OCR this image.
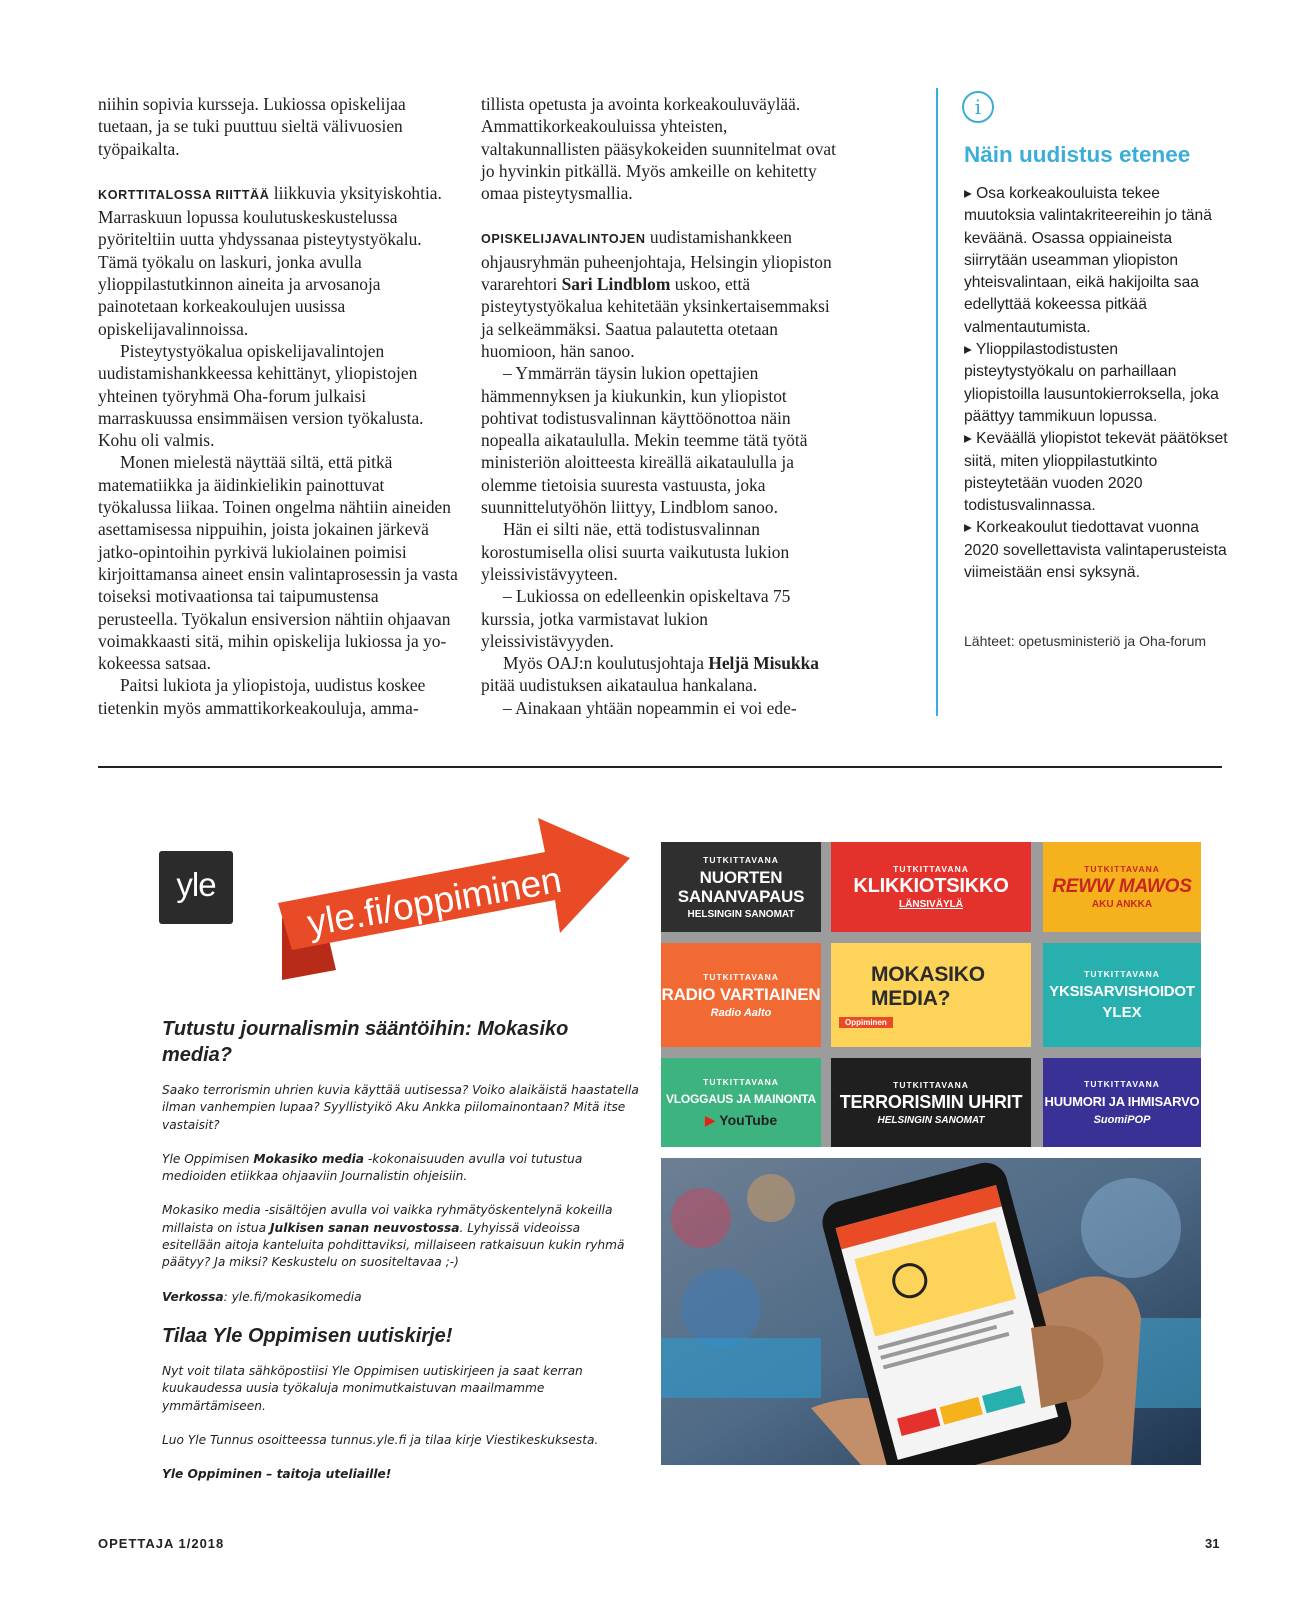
niihin sopivia kursseja. Lukiossa opiskelijaa tuetaan, ja se tuki puuttuu sieltä välivuosien työpaikalta.

KORTTITALOSSA RIITTÄÄ liikkuvia yksityiskohtia. Marraskuun lopussa koulutuskeskustelussa pyöriteltiin uutta yhdyssanaa pisteytystyökalu. Tämä työkalu on laskuri, jonka avulla ylioppilastutkinnon aineita ja arvosanoja painotetaan korkeakoulujen uusissa opiskelijavalinnoissa.

Pisteytystyökalua opiskelijavalintojen uudistamishankkeessa kehittänyt, yliopistojen yhteinen työryhmä Oha-forum julkaisi marraskuussa ensimmäisen version työkalusta. Kohu oli valmis.

Monen mielestä näyttää siltä, että pitkä matematiikka ja äidinkielikin painottuvat työkalussa liikaa. Toinen ongelma nähtiin aineiden asettamisessa nippuihin, joista jokainen järkevä jatko-opintoihin pyrkivä lukiolainen poimisi kirjoittamansa aineet ensin valintaprosessin ja vasta toiseksi motivaationsa tai taipumustensa perusteella. Työkalun ensiversion nähtiin ohjaavan voimakkaasti sitä, mihin opiskelija lukiossa ja yo-kokeessa satsaa.

Paitsi lukiota ja yliopistoja, uudistus koskee tietenkin myös ammattikorkeakouluja, amma-

tillista opetusta ja avointa korkeakouluväylää. Ammattikorkeakouluissa yhteisten, valtakunnallisten pääsykokeiden suunnitelmat ovat jo hyvinkin pitkällä. Myös amkeille on kehitetty omaa pisteytysmallia.

OPISKELIJAVALINTOJEN uudistamishankkeen ohjausryhmän puheenjohtaja, Helsingin yliopiston vararehtori Sari Lindblom uskoo, että pisteytystyökalua kehitetään yksinkertaisemmaksi ja selkeämmäksi. Saatua palautetta otetaan huomioon, hän sanoo.

– Ymmärrän täysin lukion opettajien hämmennyksen ja kiukunkin, kun yliopistot pohtivat todistusvalinnan käyttöönottoa näin nopealla aikataululla. Mekin teemme tätä työtä ministeriön aloitteesta kireällä aikataululla ja olemme tietoisia suuresta vastuusta, joka suunnittelutyöhön liittyy, Lindblom sanoo.

Hän ei silti näe, että todistusvalinnan korostumisella olisi suurta vaikutusta lukion yleissivistävyyteen.

– Lukiossa on edelleenkin opiskeltava 75 kurssia, jotka varmistavat lukion yleissivistävyyden.

Myös OAJ:n koulutusjohtaja Heljä Misukka pitää uudistuksen aikataulua hankalana.

– Ainakaan yhtään nopeammin ei voi ede-

i
Näin uudistus etenee

▸ Osa korkeakouluista tekee muutoksia valintakriteereihin jo tänä keväänä. Osassa oppiaineista siirrytään useamman yliopiston yhteisvalintaan, eikä hakijoilta saa edellyttää kokeessa pitkää valmentautumista.

▸ Ylioppilastodistusten pisteytystyökalu on parhaillaan yliopistoilla lausuntokierroksella, joka päättyy tammikuun lopussa.

▸ Keväällä yliopistot tekevät päätökset siitä, miten ylioppilastutkinto pisteytetään vuoden 2020 todistusvalinnassa.

▸ Korkeakoulut tiedottavat vuonna 2020 sovellettavista valintaperusteista viimeistään ensi syksynä.

Lähteet: opetusministeriö ja Oha-forum
yle	yle.fi/oppiminen
Tutustu journalismin sääntöihin: Mokasiko media?

Saako terrorismin uhrien kuvia käyttää uutisessa? Voiko alaikäistä haastatella ilman vanhempien lupaa? Syyllistyikö Aku Ankka piilomainontaan? Mitä itse vastaisit?

Yle Oppimisen Mokasiko media -kokonaisuuden avulla voi tutustua medioiden etiikkaa ohjaaviin Journalistin ohjeisiin.

Mokasiko media -sisältöjen avulla voi vaikka ryhmätyöskentelynä kokeilla millaista on istua Julkisen sanan neuvostossa. Lyhyissä videoissa esitellään aitoja kanteluita pohdittaviksi, millaiseen ratkaisuun kukin ryhmä päätyy? Ja miksi? Keskustelu on suositeltavaa ;-)

Verkossa: yle.fi/mokasikomedia

Tilaa Yle Oppimisen uutiskirje!

Nyt voit tilata sähköpostiisi Yle Oppimisen uutiskirjeen ja saat kerran kuukaudessa uusia työkaluja monimutkaistuvan maailmamme ymmärtämiseen.

Luo Yle Tunnus osoitteessa tunnus.yle.fi ja tilaa kirje Viestikeskuksesta.

Yle Oppiminen – taitoja uteliaille!

TUTKITTAVANA
NUORTEN SANANVAPAUS
HELSINGIN SANOMAT
TUTKITTAVANA
KLIKKIOTSIKKO
LÄNSIVÄYLÄ
TUTKITTAVANA
REWW MAWOS
AKU ANKKA
TUTKITTAVANA
RADIO VARTIAINEN
Radio Aalto
MOKASIKO MEDIA?
Oppiminen
TUTKITTAVANA
YKSISARVISHOIDOT
YLEX
TUTKITTAVANA
VLOGGAUS JA MAINONTA
▶ YouTube
TUTKITTAVANA
TERRORISMIN UHRIT
HELSINGIN SANOMAT
TUTKITTAVANA
HUUMORI JA IHMISARVO
SuomiPOP
OPETTAJA 1/2018	31
